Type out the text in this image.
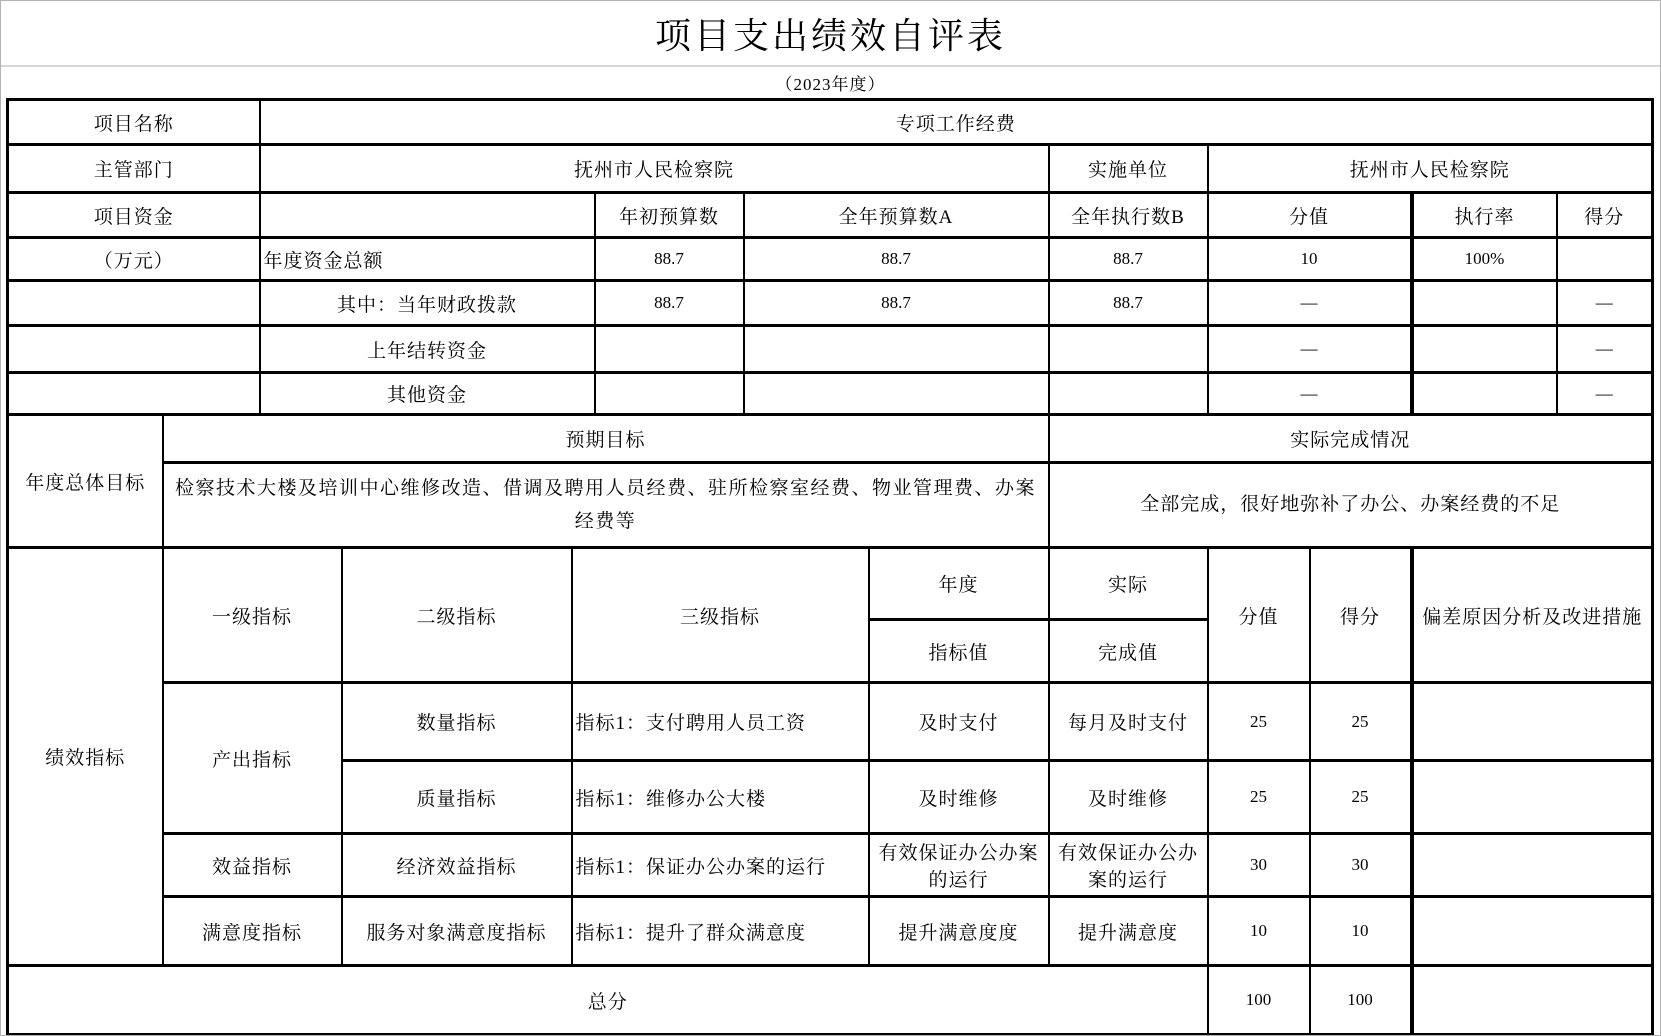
项目支出绩效自评表
（2023年度）
项目名称		专项工作经费										
主管部门		抚州市人民检察院						实施单位	抚州市人民检察院			
项目资金					年初预算数	全年预算数A		全年执行数B	分值		执行率	得分
（万元）		年度资金总额			88.7	88.7		88.7	10		100%	
		其中：当年财政拨款			88.7	88.7		88.7	—			—
		上年结转资金							—			—
		其他资金							—			—
年度总体目标	预期目标							实际完成情况				
	检察技术大楼及培训中心维修改造、借调及聘用人员经费、驻所检察室经费、物业管理费、办案经费等							全部完成，很好地弥补了办公、办案经费的不足				
绩效指标	一级指标		二级指标	三级指标			年度	实际	分值	得分	偏差原因分析及改进措施	
							指标值	完成值				
	产出指标		数量指标	指标1：支付聘用人员工资			及时支付	每月及时支付	25	25		
			质量指标	指标1：维修办公大楼			及时维修	及时维修	25	25		
	效益指标		经济效益指标	指标1：保证办公办案的运行			有效保证办公办案的运行	有效保证办公办案的运行	30	30		
	满意度指标		服务对象满意度指标	指标1：提升了群众满意度			提升满意度度	提升满意度	10	10		
总分									100	100		
